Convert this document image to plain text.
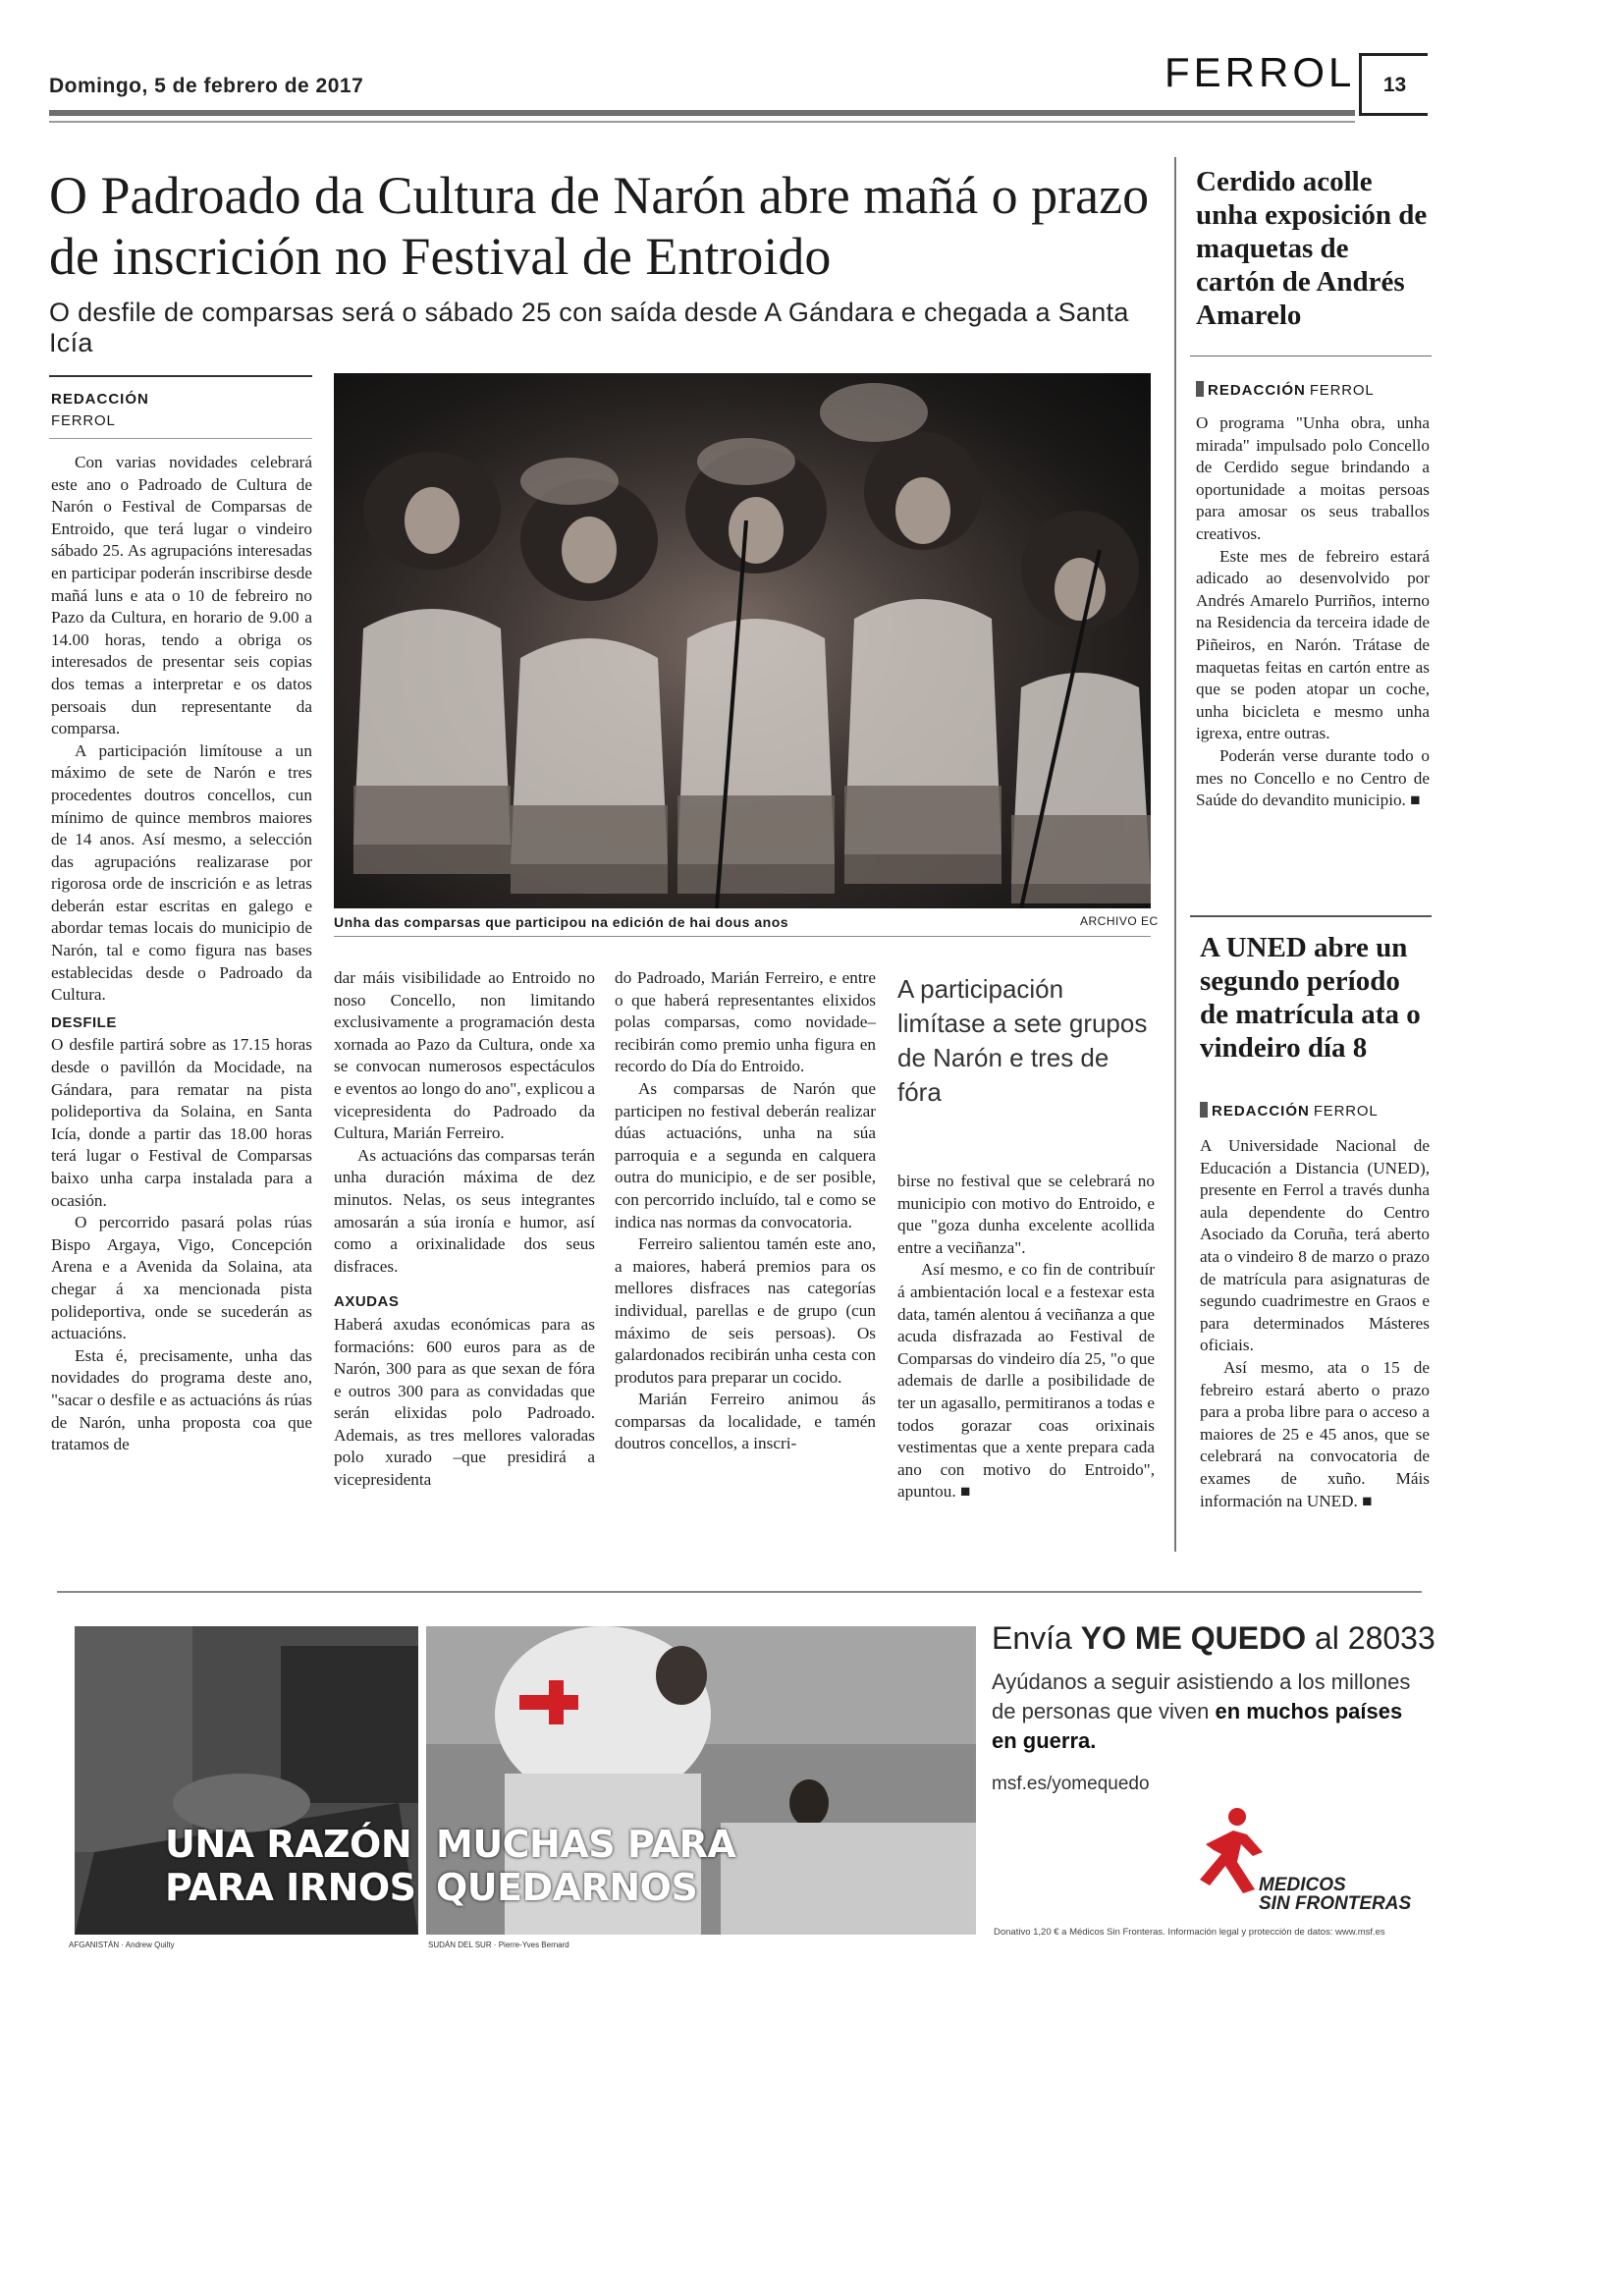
Domingo, 5 de febrero de 2017	FERROL	13
O Padroado da Cultura de Narón abre mañá o prazo de inscrición no Festival de Entroido
O desfile de comparsas será o sábado 25 con saída desde A Gándara e chegada a Santa Icía
REDACCIÓN
FERROL

Con varias novidades celebrará este ano o Padroado de Cultura de Narón o Festival de Comparsas de Entroido, que terá lugar o vindeiro sábado 25. As agrupacións interesadas en participar poderán inscribirse desde mañá luns e ata o 10 de febreiro no Pazo da Cultura, en horario de 9.00 a 14.00 horas, tendo a obriga os interesados de presentar seis copias dos temas a interpretar e os datos persoais dun representante da comparsa.

A participación limítouse a un máximo de sete de Narón e tres procedentes doutros concellos, cun mínimo de quince membros maiores de 14 anos. Así mesmo, a selección das agrupacións realizarase por rigorosa orde de inscrición e as letras deberán estar escritas en galego e abordar temas locais do municipio de Narón, tal e como figura nas bases establecidas desde o Padroado da Cultura.

DESFILE

O desfile partirá sobre as 17.15 horas desde o pavillón da Mocidade, na Gándara, para rematar na pista polideportiva da Solaina, en Santa Icía, donde a partir das 18.00 horas terá lugar o Festival de Comparsas baixo unha carpa instalada para a ocasión.

O percorrido pasará polas rúas Bispo Argaya, Vigo, Concepción Arena e a Avenida da Solaina, ata chegar á xa mencionada pista polideportiva, onde se sucederán as actuacións.

Esta é, precisamente, unha das novidades do programa deste ano, "sacar o desfile e as actuacións ás rúas de Narón, unha proposta coa que tratamos de

Unha das comparsas que participou na edición de hai dous anos	ARCHIVO EC

dar máis visibilidade ao Entroido no noso Concello, non limitando exclusivamente a programación desta xornada ao Pazo da Cultura, onde xa se convocan numerosos espectáculos e eventos ao longo do ano", explicou a vicepresidenta do Padroado da Cultura, Marián Ferreiro.

As actuacións das comparsas terán unha duración máxima de dez minutos. Nelas, os seus integrantes amosarán a súa ironía e humor, así como a orixinalidade dos seus disfraces.

AXUDAS

Haberá axudas económicas para as formacións: 600 euros para as de Narón, 300 para as que sexan de fóra e outros 300 para as convidadas que serán elixidas polo Padroado. Ademais, as tres mellores valoradas polo xurado –que presidirá a vicepresidenta

do Padroado, Marián Ferreiro, e entre o que haberá representantes elixidos polas comparsas, como novidade– recibirán como premio unha figura en recordo do Día do Entroido.

As comparsas de Narón que participen no festival deberán realizar dúas actuacións, unha na súa parroquia e a segunda en calquera outra do municipio, e de ser posible, con percorrido incluído, tal e como se indica nas normas da convocatoria.

Ferreiro salientou tamén este ano, a maiores, haberá premios para os mellores disfraces nas categorías individual, parellas e de grupo (cun máximo de seis persoas). Os galardonados recibirán unha cesta con produtos para preparar un cocido.

Marián Ferreiro animou ás comparsas da localidade, e tamén doutros concellos, a inscri-

A participación limítase a sete grupos de Narón e tres de fóra

birse no festival que se celebrará no municipio con motivo do Entroido, e que "goza dunha excelente acollida entre a veciñanza".

Así mesmo, e co fin de contribuír á ambientación local e a festexar esta data, tamén alentou á veciñanza a que acuda disfrazada ao Festival de Comparsas do vindeiro día 25, "o que ademais de darlle a posibilidade de ter un agasallo, permitiranos a todas e todos gorazar coas orixinais vestimentas que a xente prepara cada ano con motivo do Entroido", apuntou. ■

Cerdido acolle unha exposición de maquetas de cartón de Andrés Amarelo
REDACCIÓN FERROL

O programa "Unha obra, unha mirada" impulsado polo Concello de Cerdido segue brindando a oportunidade a moitas persoas para amosar os seus traballos creativos.

Este mes de febreiro estará adicado ao desenvolvido por Andrés Amarelo Purriños, interno na Residencia da terceira idade de Piñeiros, en Narón. Trátase de maquetas feitas en cartón entre as que se poden atopar un coche, unha bicicleta e mesmo unha igrexa, entre outras.

Poderán verse durante todo o mes no Concello e no Centro de Saúde do devandito municipio. ■

A UNED abre un segundo período de matrícula ata o vindeiro día 8
REDACCIÓN FERROL

A Universidade Nacional de Educación a Distancia (UNED), presente en Ferrol a través dunha aula dependente do Centro Asociado da Coruña, terá aberto ata o vindeiro 8 de marzo o prazo de matrícula para asignaturas de segundo cuadrimestre en Graos e para determinados Másteres oficiais.

Así mesmo, ata o 15 de febreiro estará aberto o prazo para a proba libre para o acceso a maiores de 25 e 45 anos, que se celebrará na convocatoria de exames de xuño. Máis información na UNED. ■

UNA RAZÓN PARA IRNOS
MUCHAS PARA QUEDARNOS
AFGANISTÁN · Andrew Quilty	SUDÁN DEL SUR · Pierre-Yves Bernard
Envía YO ME QUEDO al 28033
Ayúdanos a seguir asistiendo a los millones de personas que viven en muchos países en guerra.
msf.es/yomequedo
MEDICOS
SIN FRONTERAS
Donativo 1,20 € a Médicos Sin Fronteras. Información legal y protección de datos: www.msf.es
